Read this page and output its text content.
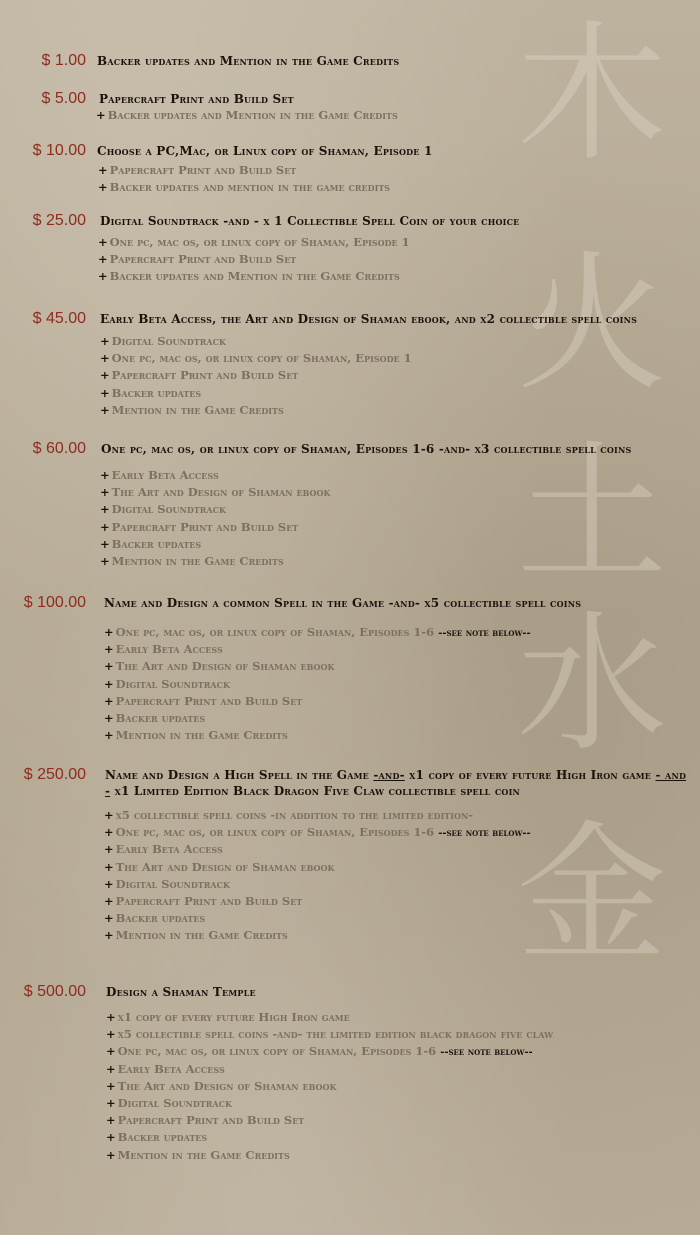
木
火
土
水
金
$ 1.00 Backer updates and Mention in the Game Credits
$ 5.00 Papercraft Print and Build Set
+ Backer updates and Mention in the Game Credits
$ 10.00 Choose a PC,Mac, or Linux copy of Shaman, Episode 1
+ Papercraft Print and Build Set
+ Backer updates and mention in the game credits
$ 25.00 Digital Soundtrack -and - x 1 Collectible Spell Coin of your choice
+ One pc, mac os, or linux copy of Shaman, Episode 1
+ Papercraft Print and Build Set
+ Backer updates and Mention in the Game Credits
$ 45.00 Early Beta Access, the Art and Design of Shaman ebook, and x2 collectible spell coins
+ Digital Soundtrack
+ One pc, mac os, or linux copy of Shaman, Episode 1
+ Papercraft Print and Build Set
+ Backer updates
+ Mention in the Game Credits
$ 60.00 One pc, mac os, or linux copy of Shaman, Episodes 1-6 -and- x3 collectible spell coins
+ Early Beta Access
+ The Art and Design of Shaman ebook
+ Digital Soundtrack
+ Papercraft Print and Build Set
+ Backer updates
+ Mention in the Game Credits
$ 100.00 Name and Design a common Spell in the Game -and- x5 collectible spell coins
+ One pc, mac os, or linux copy of Shaman, Episodes 1-6 --see note below--
+ Early Beta Access
+ The Art and Design of Shaman ebook
+ Digital Soundtrack
+ Papercraft Print and Build Set
+ Backer updates
+ Mention in the Game Credits
$ 250.00 Name and Design a High Spell in the Game -and- x1 copy of every future High Iron game - and - x1 Limited Edition Black Dragon Five Claw collectible spell coin
+ x5 collectible spell coins -in addition to the limited edition-
+ One pc, mac os, or linux copy of Shaman, Episodes 1-6 --see note below--
+ Early Beta Access
+ The Art and Design of Shaman ebook
+ Digital Soundtrack
+ Papercraft Print and Build Set
+ Backer updates
+ Mention in the Game Credits
$ 500.00 Design a Shaman Temple
+ x1 copy of every future High Iron game
+ x5 collectible spell coins -and- the limited edition black dragon five claw
+ One pc, mac os, or linux copy of Shaman, Episodes 1-6 --see note below--
+ Early Beta Access
+ The Art and Design of Shaman ebook
+ Digital Soundtrack
+ Papercraft Print and Build Set
+ Backer updates
+ Mention in the Game Credits
